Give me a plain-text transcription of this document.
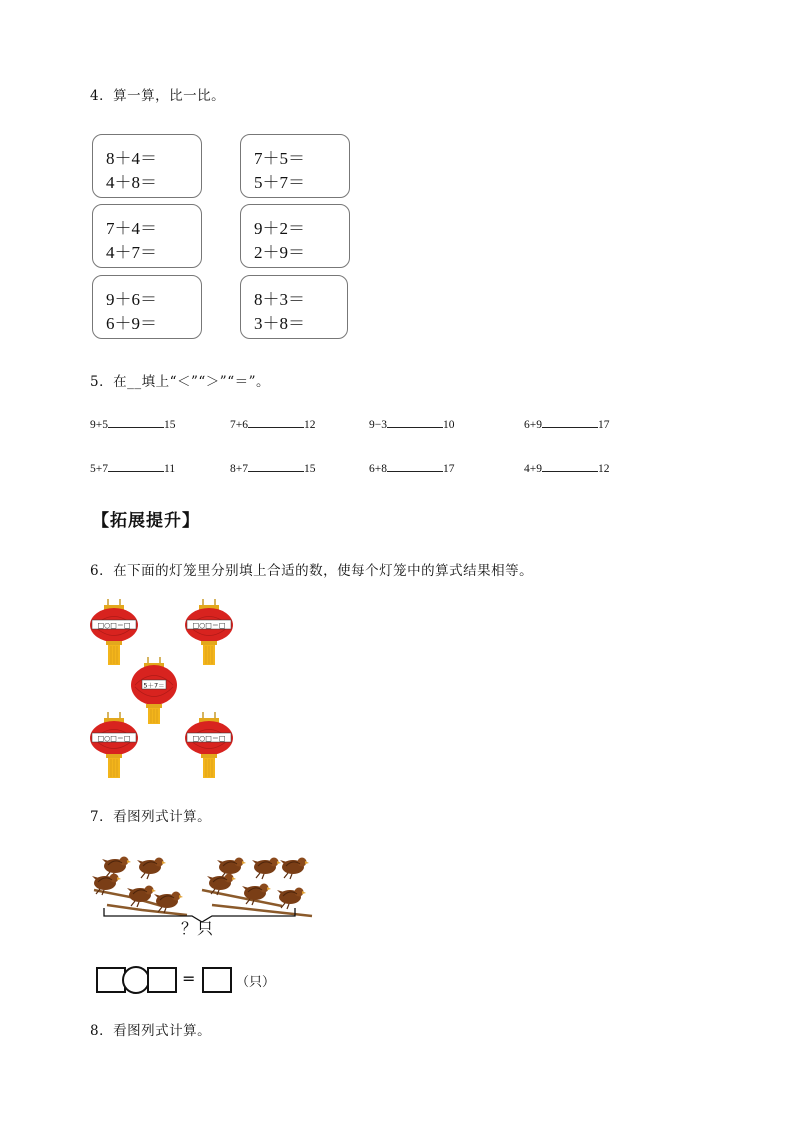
4．算一算，比一比。
8＋4＝
4＋8＝
7＋5＝
5＋7＝
7＋4＝
4＋7＝
9＋2＝
2＋9＝
9＋6＝
6＋9＝
8＋3＝
3＋8＝
5．在__填上“＜”“＞”“＝”。
9+5	15	7+6	12	9−3	10	6+9	17
5+7	11	8+7	15	6+8	17	4+9	12
【拓展提升】
6．在下面的灯笼里分别填上合适的数，使每个灯笼中的算式结果相等。
□○□＝□	□○□＝□
5＋7＝
□○□＝□	□○□＝□
7．看图列式计算。
？只
=	（只）
8．看图列式计算。
